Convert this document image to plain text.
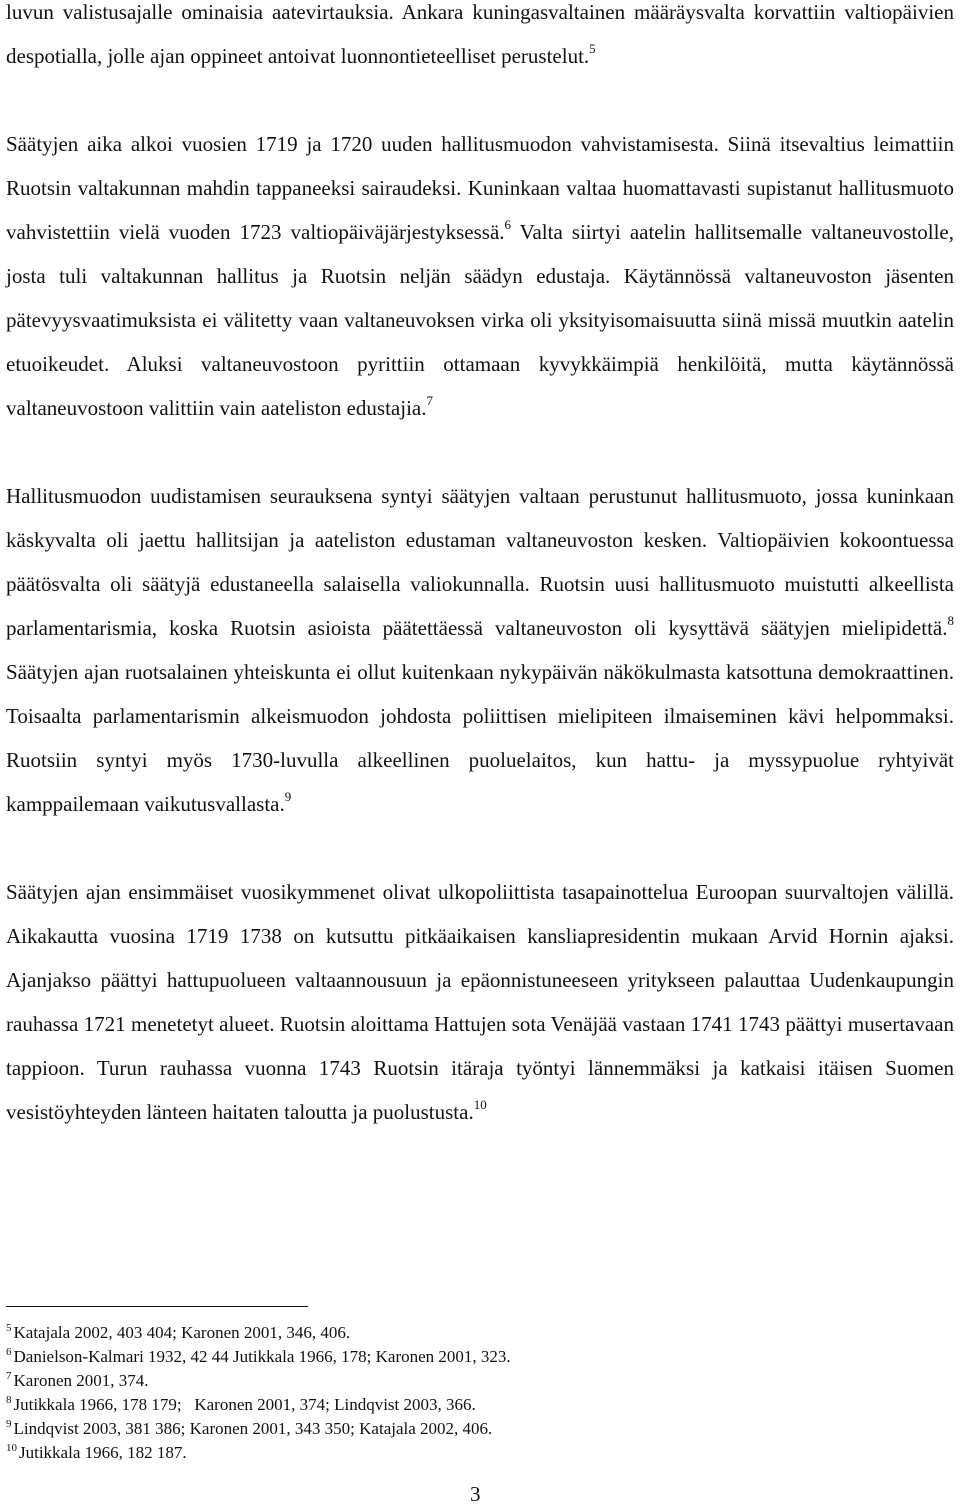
luvun valistusajalle ominaisia aatevirtauksia. Ankara kuningasvaltainen määräysvalta korvattiin valtiopäivien despotialla, jolle ajan oppineet antoivat luonnontieteelliset perustelut.$^5$

Säätyjen aika alkoi vuosien 1719 ja 1720 uuden hallitusmuodon vahvistamisesta. Siinä itsevaltius leimattiin Ruotsin valtakunnan mahdin tappaneeksi sairaudeksi. Kuninkaan valtaa huomattavasti supistanut hallitusmuoto vahvistettiin vielä vuoden 1723 valtiopäiväjärjestyksessä.$^6$ Valta siirtyi aatelin hallitsemalle valtaneuvostolle, josta tuli valtakunnan hallitus ja Ruotsin neljän säädyn edustaja. Käytännössä valtaneuvoston jäsenten pätevyysvaatimuksista ei välitetty vaan valtaneuvoksen virka oli yksityisomaisuutta siinä missä muutkin aatelin etuoikeudet. Aluksi valtaneuvostoon pyrittiin ottamaan kyvykkäimpiä henkilöitä, mutta käytännössä valtaneuvostoon valittiin vain aateliston edustajia.$^7$

Hallitusmuodon uudistamisen seurauksena syntyi säätyjen valtaan perustunut hallitusmuoto, jossa kuninkaan käskyvalta oli jaettu hallitsijan ja aateliston edustaman valtaneuvoston kesken. Valtiopäivien kokoontuessa päätösvalta oli säätyjä edustaneella salaisella valiokunnalla. Ruotsin uusi hallitusmuoto muistutti alkeellista parlamentarismia, koska Ruotsin asioista päätettäessä valtaneuvoston oli kysyttävä säätyjen mielipidettä.$^8$ Säätyjen ajan ruotsalainen yhteiskunta ei ollut kuitenkaan nykypäivän näkökulmasta katsottuna demokraattinen. Toisaalta parlamentarismin alkeismuodon johdosta poliittisen mielipiteen ilmaiseminen kävi helpommaksi. Ruotsiin syntyi myös 1730-luvulla alkeellinen puoluelaitos, kun hattu- ja myssypuolue ryhtyivät kamppailemaan vaikutusvallasta.$^9$

Säätyjen ajan ensimmäiset vuosikymmenet olivat ulkopoliittista tasapainottelua Euroopan suurvaltojen välillä. Aikakautta vuosina 1719 1738 on kutsuttu pitkäaikaisen kansliapresidentin mukaan Arvid Hornin ajaksi. Ajanjakso päättyi hattupuolueen valtaannousuun ja epäonnistuneeseen yritykseen palauttaa Uudenkaupungin rauhassa 1721 menetetyt alueet. Ruotsin aloittama Hattujen sota Venäjää vastaan 1741 1743 päättyi musertavaan tappioon. Turun rauhassa vuonna 1743 Ruotsin itäraja työntyi lännemmäksi ja katkaisi itäisen Suomen vesistöyhteyden länteen haitaten taloutta ja puolustusta.$^{10}$

$^5$ Katajala 2002, 403 404; Karonen 2001, 346, 406.
$^6$ Danielson-Kalmari 1932, 42 44 Jutikkala 1966, 178; Karonen 2001, 323.
$^7$ Karonen 2001, 374.
$^8$ Jutikkala 1966, 178 179;   Karonen 2001, 374; Lindqvist 2003, 366.
$^9$ Lindqvist 2003, 381 386; Karonen 2001, 343 350; Katajala 2002, 406.
$^{10}$ Jutikkala 1966, 182 187.
3
